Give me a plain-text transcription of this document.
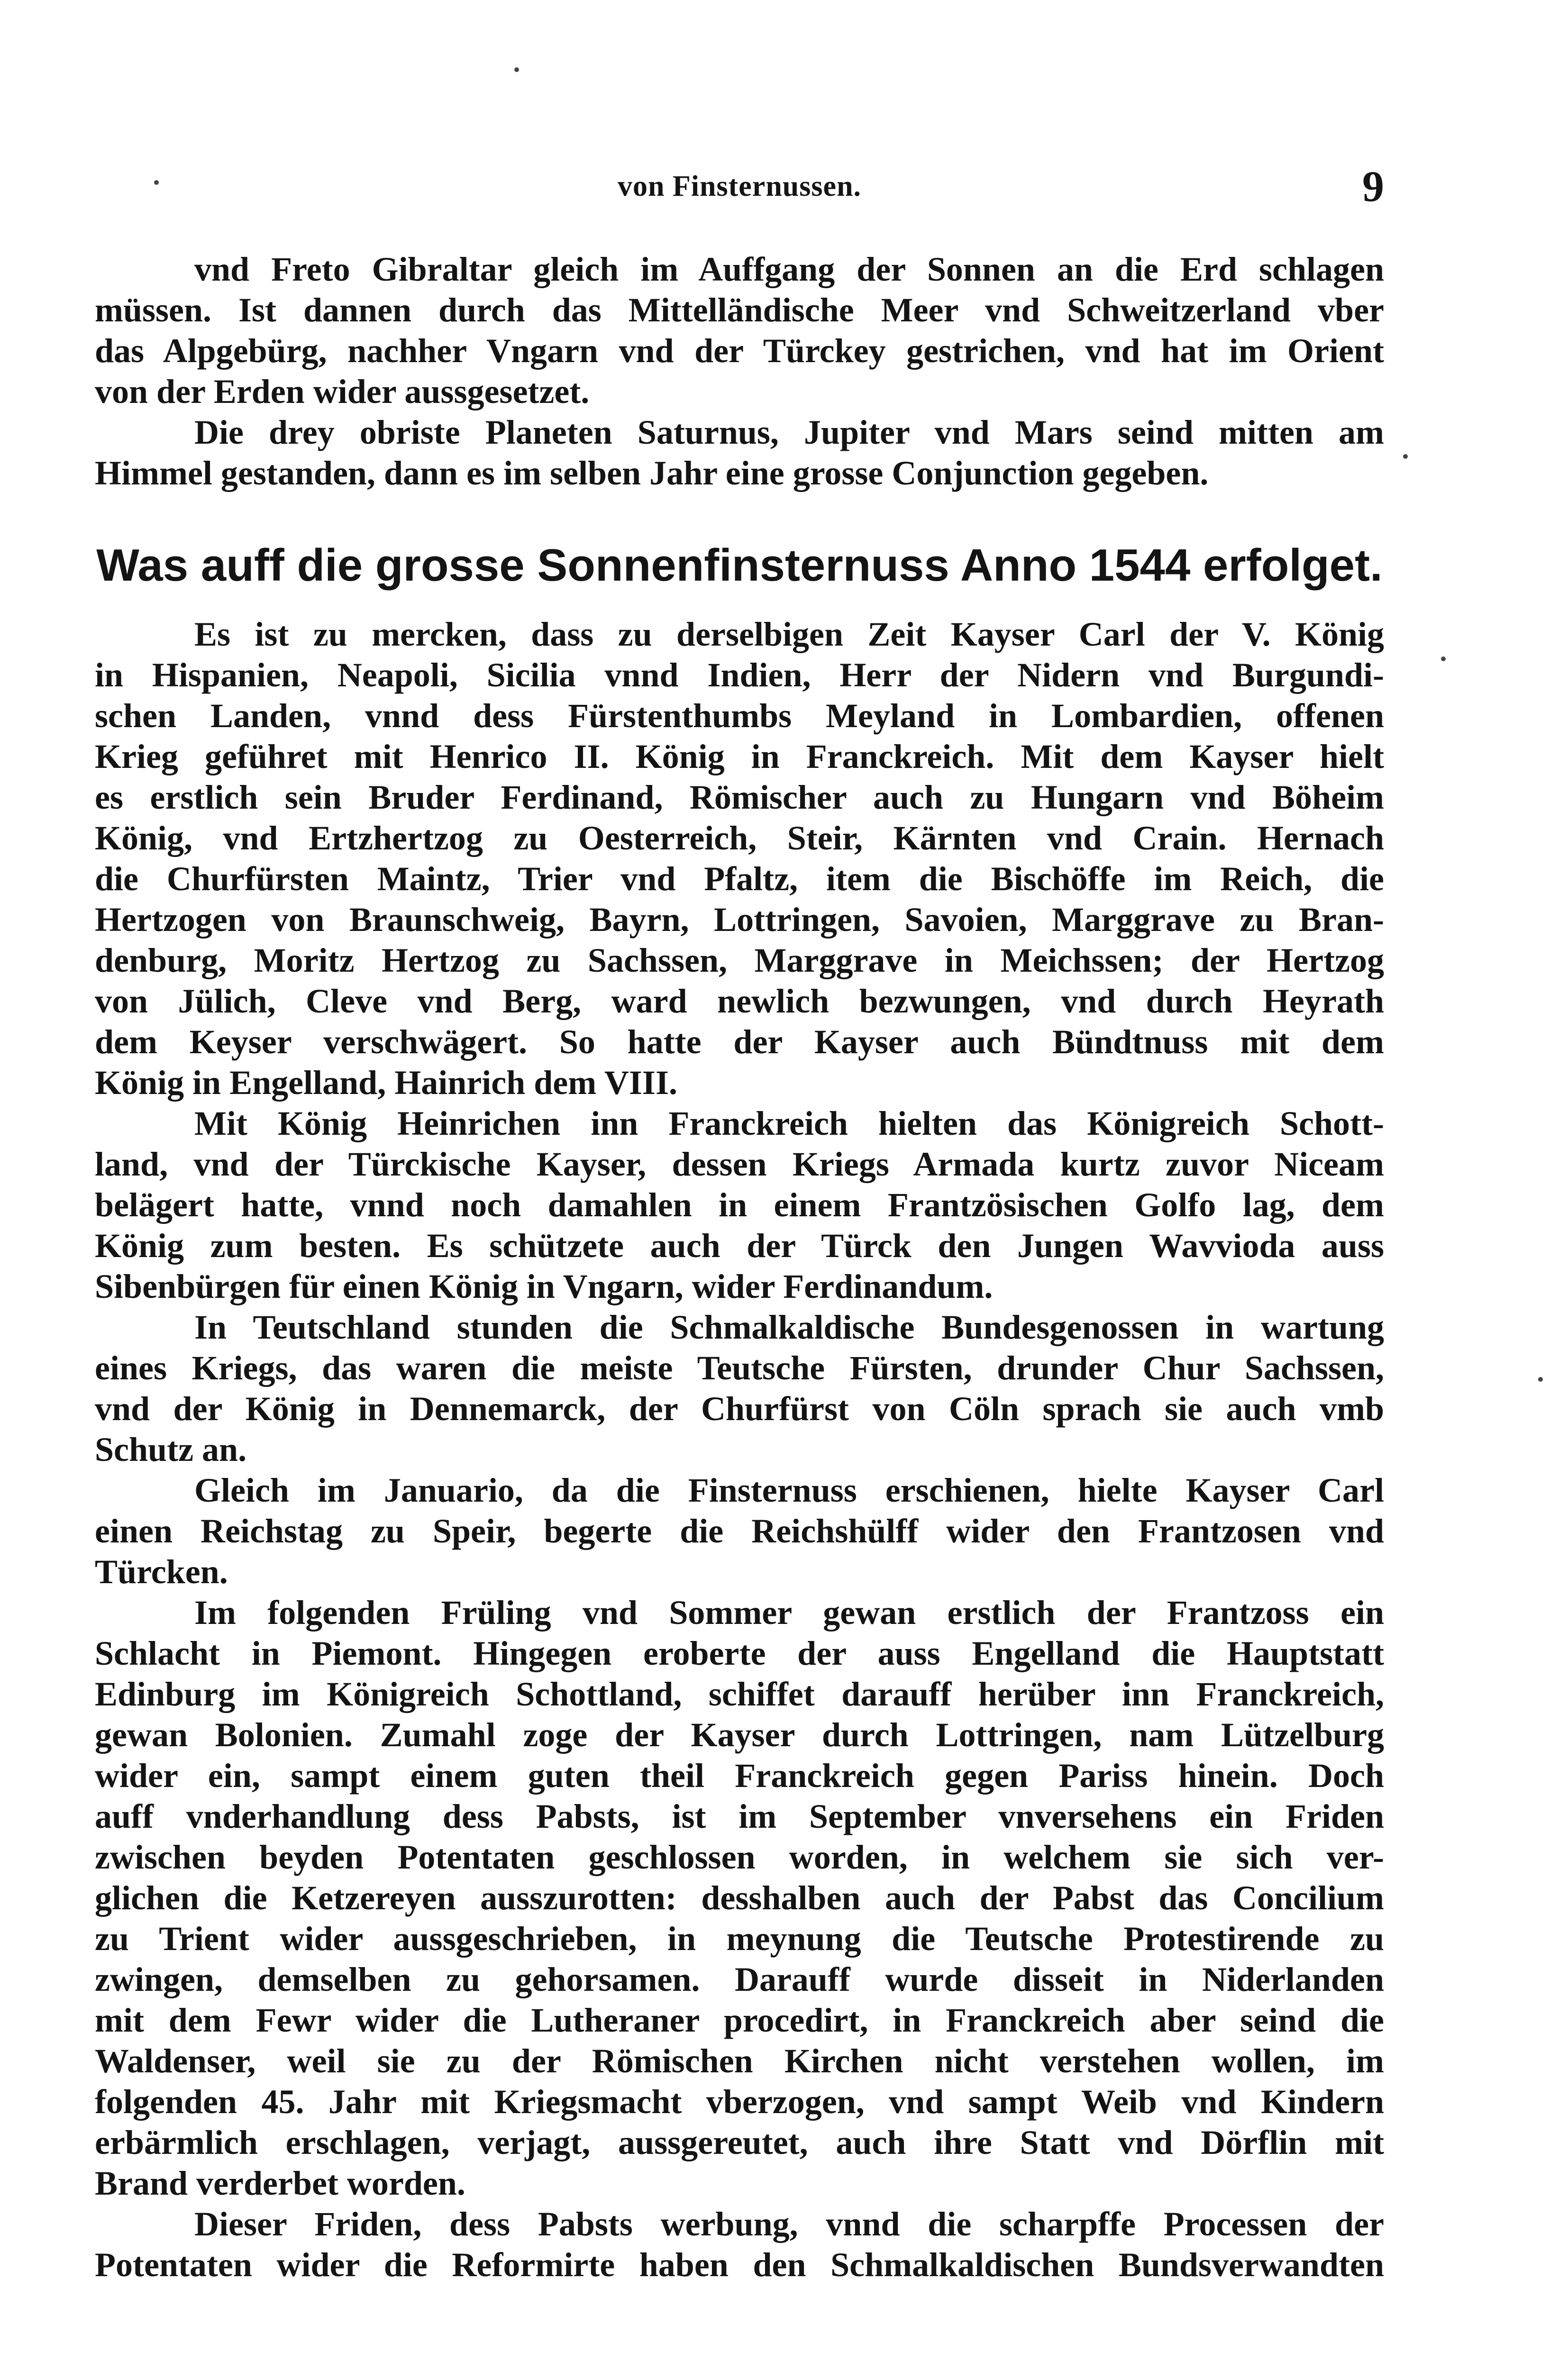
von Finsternussen.	9
vnd Freto Gibraltar gleich im Auffgang der Sonnen an die Erd schlagen
müssen. Ist dannen durch das Mittelländische Meer vnd Schweitzerland vber
das Alpgebürg, nachher Vngarn vnd der Türckey gestrichen, vnd hat im Orient
von der Erden wider aussgesetzet.
Die drey obriste Planeten Saturnus, Jupiter vnd Mars seind mitten am
Himmel gestanden, dann es im selben Jahr eine grosse Conjunction gegeben.
Was auff die grosse Sonnenfinsternuss Anno 1544 erfolget.
Es ist zu mercken, dass zu derselbigen Zeit Kayser Carl der V. König
in Hispanien, Neapoli, Sicilia vnnd Indien, Herr der Nidern vnd Burgundi-
schen Landen, vnnd dess Fürstenthumbs Meyland in Lombardien, offenen
Krieg geführet mit Henrico II. König in Franckreich. Mit dem Kayser hielt
es erstlich sein Bruder Ferdinand, Römischer auch zu Hungarn vnd Böheim
König, vnd Ertzhertzog zu Oesterreich, Steir, Kärnten vnd Crain. Hernach
die Churfürsten Maintz, Trier vnd Pfaltz, item die Bischöffe im Reich, die
Hertzogen von Braunschweig, Bayrn, Lottringen, Savoien, Marggrave zu Bran-
denburg, Moritz Hertzog zu Sachssen, Marggrave in Meichssen; der Hertzog
von Jülich, Cleve vnd Berg, ward newlich bezwungen, vnd durch Heyrath
dem Keyser verschwägert. So hatte der Kayser auch Bündtnuss mit dem
König in Engelland, Hainrich dem VIII.
Mit König Heinrichen inn Franckreich hielten das Königreich Schott-
land, vnd der Türckische Kayser, dessen Kriegs Armada kurtz zuvor Niceam
belägert hatte, vnnd noch damahlen in einem Frantzösischen Golfo lag, dem
König zum besten. Es schützete auch der Türck den Jungen Wavvioda auss
Sibenbürgen für einen König in Vngarn, wider Ferdinandum.
In Teutschland stunden die Schmalkaldische Bundesgenossen in wartung
eines Kriegs, das waren die meiste Teutsche Fürsten, drunder Chur Sachssen,
vnd der König in Dennemarck, der Churfürst von Cöln sprach sie auch vmb
Schutz an.
Gleich im Januario, da die Finsternuss erschienen, hielte Kayser Carl
einen Reichstag zu Speir, begerte die Reichshülff wider den Frantzosen vnd
Türcken.
Im folgenden Früling vnd Sommer gewan erstlich der Frantzoss ein
Schlacht in Piemont. Hingegen eroberte der auss Engelland die Hauptstatt
Edinburg im Königreich Schottland, schiffet darauff herüber inn Franckreich,
gewan Bolonien. Zumahl zoge der Kayser durch Lottringen, nam Lützelburg
wider ein, sampt einem guten theil Franckreich gegen Pariss hinein. Doch
auff vnderhandlung dess Pabsts, ist im September vnversehens ein Friden
zwischen beyden Potentaten geschlossen worden, in welchem sie sich ver-
glichen die Ketzereyen ausszurotten: desshalben auch der Pabst das Concilium
zu Trient wider aussgeschrieben, in meynung die Teutsche Protestirende zu
zwingen, demselben zu gehorsamen. Darauff wurde disseit in Niderlanden
mit dem Fewr wider die Lutheraner procedirt, in Franckreich aber seind die
Waldenser, weil sie zu der Römischen Kirchen nicht verstehen wollen, im
folgenden 45. Jahr mit Kriegsmacht vberzogen, vnd sampt Weib vnd Kindern
erbärmlich erschlagen, verjagt, aussgereutet, auch ihre Statt vnd Dörflin mit
Brand verderbet worden.
Dieser Friden, dess Pabsts werbung, vnnd die scharpffe Processen der
Potentaten wider die Reformirte haben den Schmalkaldischen Bundsverwandten
